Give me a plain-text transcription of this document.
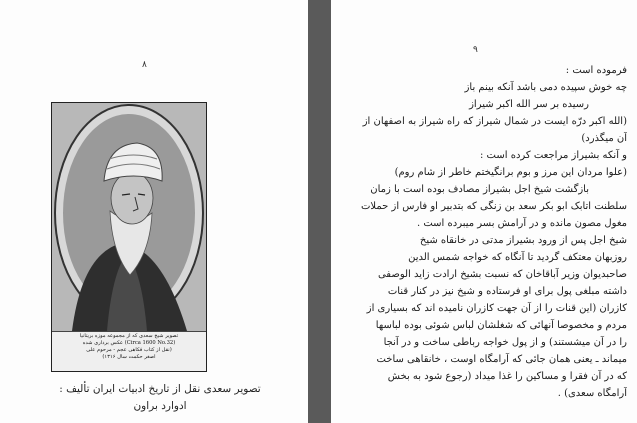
۸
تصویر شیخ سعدی که از مجموعه موزه بریتانیا
(Circa 1600 No.32) عکس برداری شده
(نقل از کتاب فکاهی عجم - مرحوم علی
اصغر حکمت سال ۱۳۱۶)
تصویر سعدی نقل از تاریخ ادبیات ایران تألیف :
ادوارد براون
۹
فرموده است :
چه خوش سپیده دمی باشد آنکه بینم باز
رسیده بر سر الله اکبر شیراز
(الله اکبر درّه ایست در شمال شیراز که راه شیراز به اصفهان از
آن میگذرد)
و آنکه بشیراز مراجعت کرده است :
(علوا مردان این مرز و بوم برانگیختم خاطر از شام روم)
بازگشت شیخ اجل بشیراز مصادف بوده است با زمان
سلطنت اتابک ابو بکر سعد بن زنگی که بتدبیر او فارس از حملات
مغول مصون مانده و در آرامش بسر میبرده است .
شیخ اجل پس از ورود بشیراز مدتی در خانقاه شیخ
روزبهان معتکف گردید تا آنگاه که خواجه شمس الدین
صاحبدیوان وزیر آباقاخان که نسبت بشیخ ارادت زاید الوصفی
داشته مبلغی پول برای او فرستاده و شیخ نیز در کنار قنات
کازران (این قنات را از آن جهت کازران نامیده اند که بسیاری از
مردم و مخصوصا آنهائی که شغلشان لباس شوئی بوده لباسها
را در آن میشستند) و از پول خواجه رباطی ساخت و در آنجا
میماند ـ یعنی همان جائی که آرامگاه اوست ، خانقاهی ساخت
که در آن فقرا و مساکین را غذا میداد (رجوع شود به بخش
آرامگاه سعدی) .
